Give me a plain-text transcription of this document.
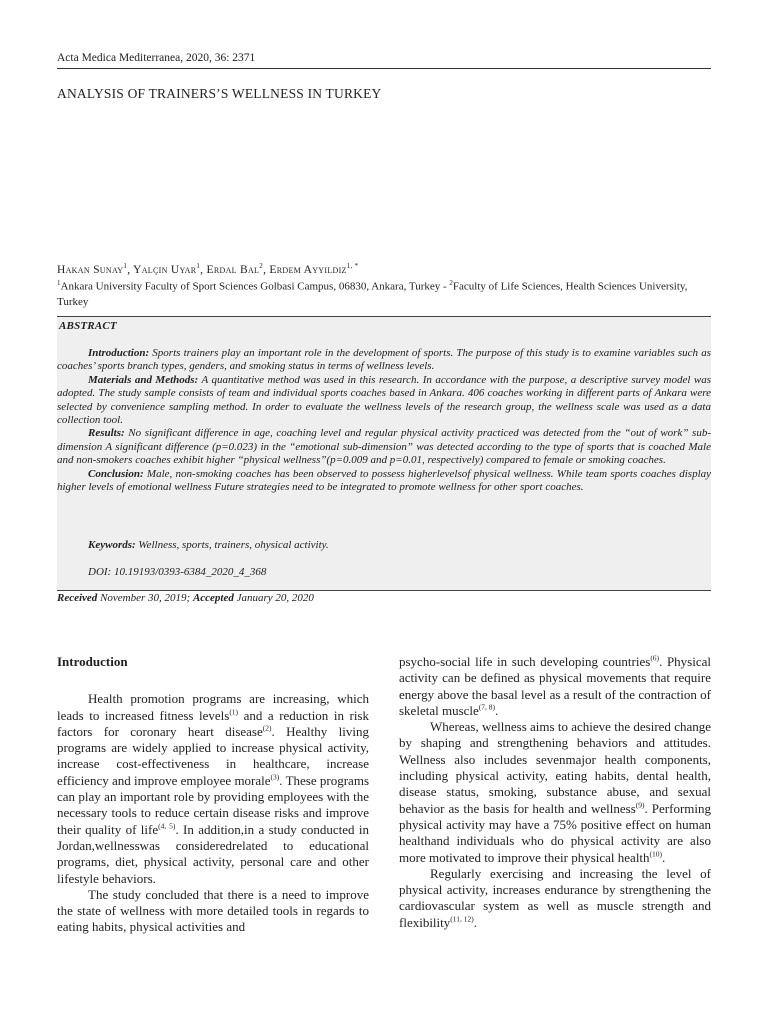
Acta Medica Mediterranea, 2020, 36: 2371
ANALYSIS OF TRAINERS’S WELLNESS IN TURKEY
Hakan Sunay$^1$, Yalçin Uyar$^1$, Erdal Bal$^2$, Erdem Ayyildiz$^{1, *}$
$^1$Ankara University Faculty of Sport Sciences Golbasi Campus, 06830, Ankara, Turkey - $^2$Faculty of Life Sciences, Health Sciences University, Turkey
ABSTRACT

Introduction: Sports trainers play an important role in the development of sports. The purpose of this study is to examine variables such as coaches’ sports branch types, genders, and smoking status in terms of wellness levels.

Materials and Methods: A quantitative method was used in this research. In accordance with the purpose, a descriptive survey model was adopted. The study sample consists of team and individual sports coaches based in Ankara. 406 coaches working in different parts of Ankara were selected by convenience sampling method. In order to evaluate the wellness levels of the research group, the wellness scale was used as a data collection tool.

Results: No significant difference in age, coaching level and regular physical activity practiced was detected from the “out of work” sub-dimension A significant difference (p=0.023) in the “emotional sub-dimension” was detected according to the type of sports that is coached Male and non-smokers coaches exhibit higher “physical wellness”(p=0.009 and p=0.01, respectively) compared to female or smoking coaches.

Conclusion: Male, non-smoking coaches has been observed to possess higherlevelsof physical wellness. While team sports coaches display higher levels of emotional wellness Future strategies need to be integrated to promote wellness for other sport coaches.

Keywords: Wellness, sports, trainers, ohysical activity.
DOI: 10.19193/0393-6384_2020_4_368
Received November 30, 2019; Accepted January 20, 2020

Introduction

Health promotion programs are increasing, which leads to increased fitness levels$^{(1)}$ and a reduction in risk factors for coronary heart disease$^{(2)}$. Healthy living programs are widely applied to increase physical activity, increase cost-effectiveness in healthcare, increase efficiency and improve employee morale$^{(3)}$. These programs can play an important role by providing employees with the necessary tools to reduce certain disease risks and improve their quality of life$^{(4, 5)}$. In addition,in a study conducted in Jordan,wellnesswas consideredrelated to educational programs, diet, physical activity, personal care and other lifestyle behaviors.

The study concluded that there is a need to improve the state of wellness with more detailed tools in regards to eating habits, physical activities and

psycho-social life in such developing countries$^{(6)}$. Physical activity can be defined as physical movements that require energy above the basal level as a result of the contraction of skeletal muscle$^{(7, 8)}$.

Whereas, wellness aims to achieve the desired change by shaping and strengthening behaviors and attitudes. Wellness also includes sevenmajor health components, including physical activity, eating habits, dental health, disease status, smoking, substance abuse, and sexual behavior as the basis for health and wellness$^{(9)}$. Performing physical activity may have a 75% positive effect on human healthand individuals who do physical activity are also more motivated to improve their physical health$^{(10)}$.

Regularly exercising and increasing the level of physical activity, increases endurance by strengthening the cardiovascular system as well as muscle strength and flexibility$^{(11, 12)}$.
